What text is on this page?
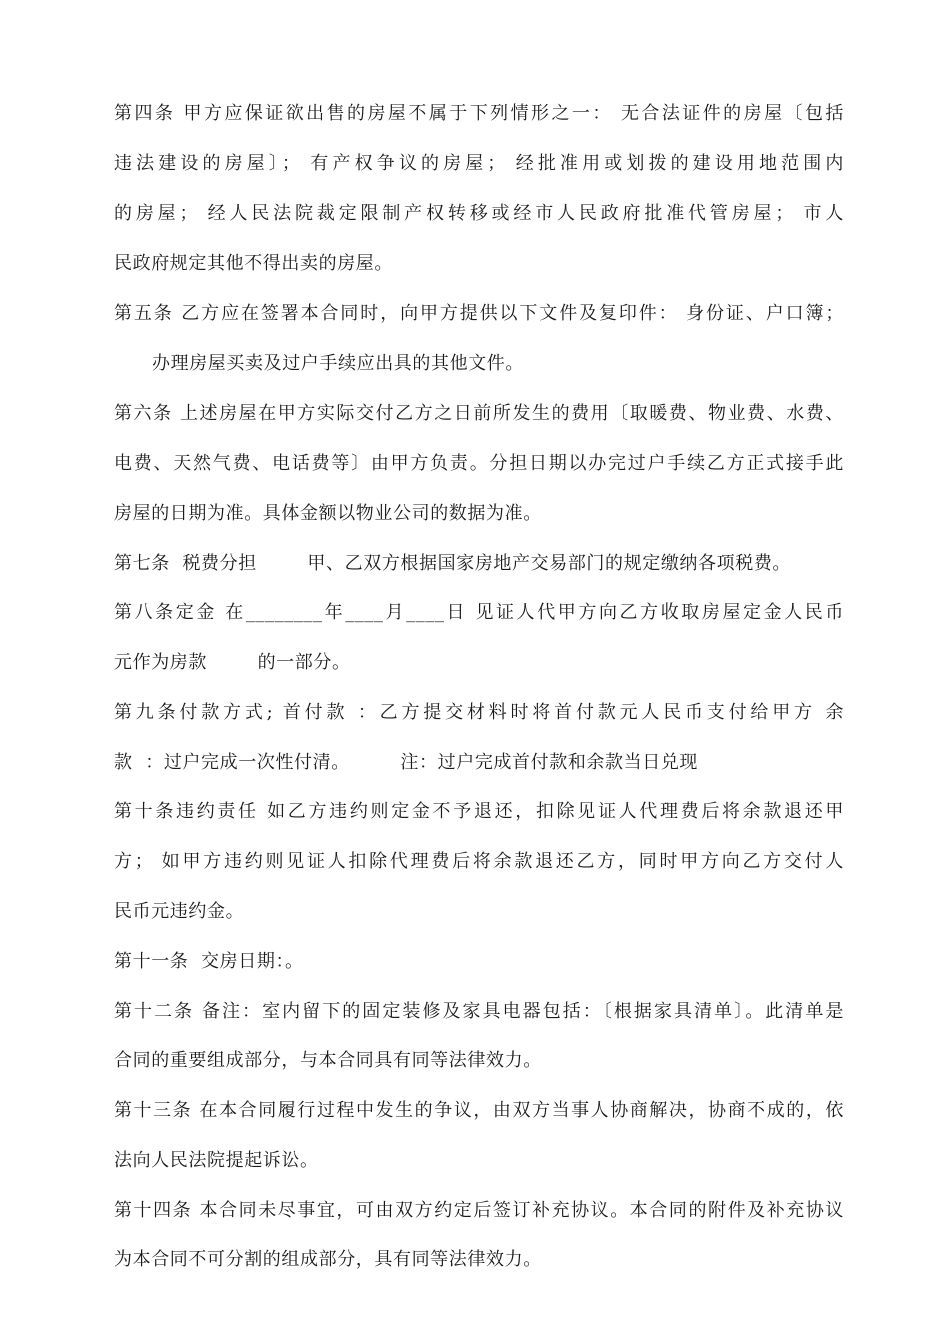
第四条 甲方应保证欲出售的房屋不属于下列情形之一： 无合法证件的房屋〔包括
违法建设的房屋〕； 有产权争议的房屋； 经批准用或划拨的建设用地范围内
的房屋； 经人民法院裁定限制产权转移或经市人民政府批准代管房屋； 市人
民政府规定其他不得出卖的房屋。
第五条 乙方应在签署本合同时，向甲方提供以下文件及复印件： 身份证、户口簿；
办理房屋买卖及过户手续应出具的其他文件。
第六条 上述房屋在甲方实际交付乙方之日前所发生的费用〔取暖费、物业费、水费、
电费、天然气费、电话费等〕由甲方负责。分担日期以办完过户手续乙方正式接手此
房屋的日期为准。具体金额以物业公司的数据为准。
第七条  税费分担        甲、乙双方根据国家房地产交易部门的规定缴纳各项税费。
第八条定金 在________年____月____日 见证人代甲方向乙方收取房屋定金人民币
元作为房款        的一部分。
第九条付款方式; 首付款 ：乙方提交材料时将首付款元人民币支付给甲方 余
款  ：过户完成一次性付清。        注：过户完成首付款和余款当日兑现
第十条违约责任 如乙方违约则定金不予退还，扣除见证人代理费后将余款退还甲
方； 如甲方违约则见证人扣除代理费后将余款退还乙方，同时甲方向乙方交付人
民币元违约金。
第十一条  交房日期：。
第十二条 备注：室内留下的固定装修及家具电器包括：〔根据家具清单〕。此清单是
合同的重要组成部分，与本合同具有同等法律效力。
第十三条 在本合同履行过程中发生的争议，由双方当事人协商解决，协商不成的，依
法向人民法院提起诉讼。
第十四条 本合同未尽事宜，可由双方约定后签订补充协议。本合同的附件及补充协议
为本合同不可分割的组成部分，具有同等法律效力。
